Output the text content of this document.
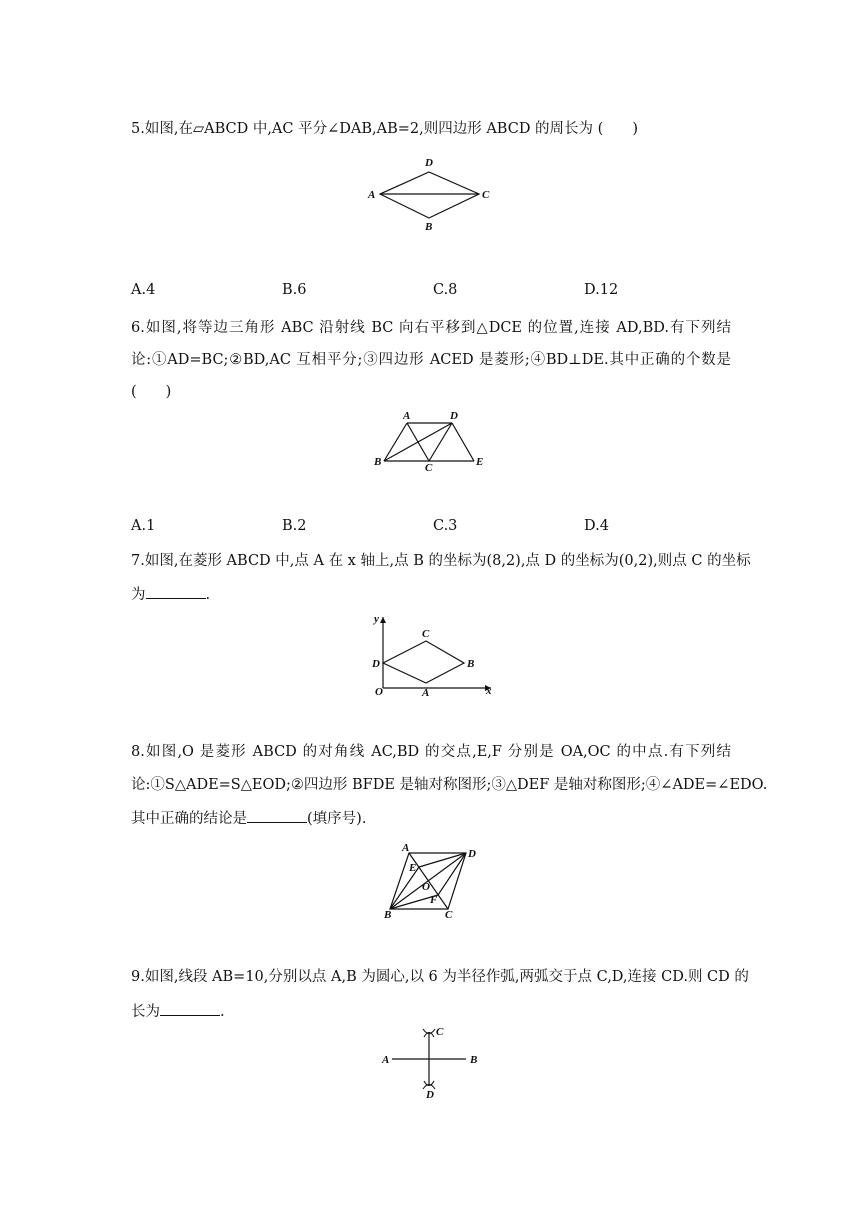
5.如图,在▱ABCD 中,AC 平分∠DAB,AB=2,则四边形 ABCD 的周长为 (　　)
A
D
C
B
A.4	B.6	C.8	D.12
6.如图,将等边三角形 ABC 沿射线 BC 向右平移到△DCE 的位置,连接 AD,BD.有下列结
论:①AD=BC;②BD,AC 互相平分;③四边形 ACED 是菱形;④BD⊥DE.其中正确的个数是
(　　)
A	D
B	C	E
A.1	B.2	C.3	D.4
7.如图,在菱形 ABCD 中,点 A 在 x 轴上,点 B 的坐标为(8,2),点 D 的坐标为(0,2),则点 C 的坐标
为	.
y
x
O	A
B
C
D
8.如图,O 是菱形 ABCD 的对角线 AC,BD 的交点,E,F 分别是 OA,OC 的中点.有下列结
论:①S△ADE=S△EOD;②四边形 BFDE 是轴对称图形;③△DEF 是轴对称图形;④∠ADE=∠EDO.
其中正确的结论是	(填序号).
A	D
B	C
E
F
O
9.如图,线段 AB=10,分别以点 A,B 为圆心,以 6 为半径作弧,两弧交于点 C,D,连接 CD.则 CD 的
长为	.
A	B
C
D
